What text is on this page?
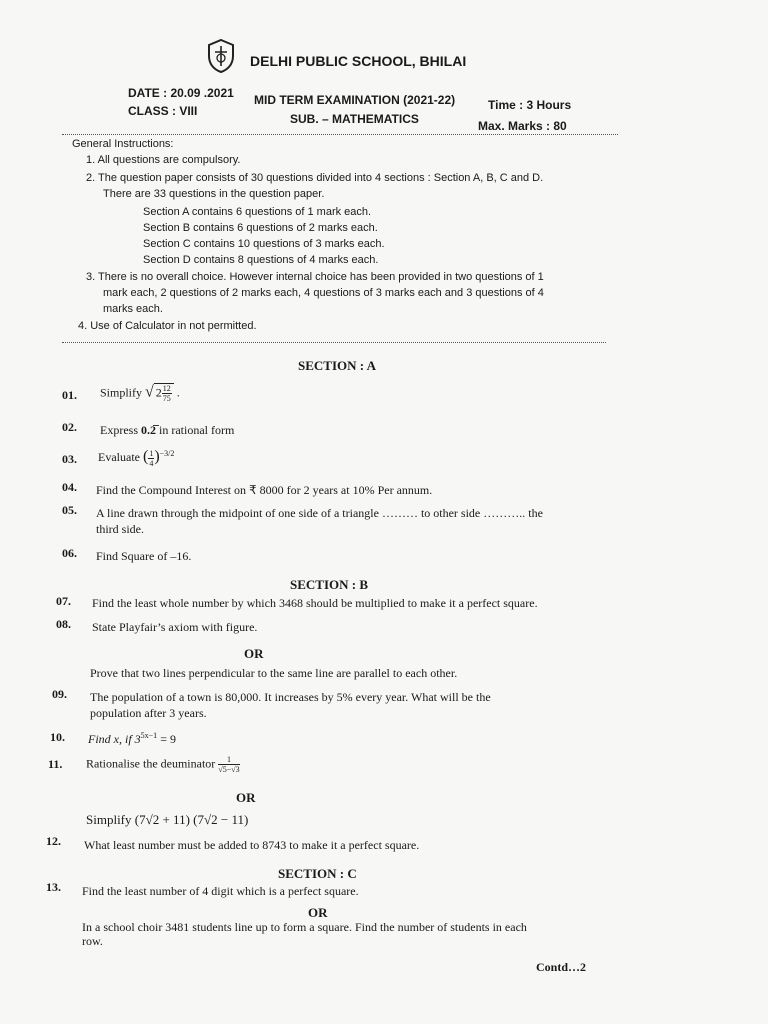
DELHI PUBLIC SCHOOL, BHILAI
DATE : 20.09 .2021
CLASS : VIII
MID TERM EXAMINATION (2021-22)
SUB. – MATHEMATICS
Time : 3 Hours
Max. Marks : 80
General Instructions:
1. All questions are compulsory.
2. The question paper consists of 30 questions divided into 4 sections : Section A, B, C and D.
There are 33 questions in the question paper.
Section A contains 6 questions of 1 mark each.
Section B contains 6 questions of 2 marks each.
Section C contains 10 questions of 3 marks each.
Section D contains 8 questions of 4 marks each.
3. There is no overall choice. However internal choice has been provided in two questions of 1
mark each, 2 questions of 2 marks each, 4 questions of 3 marks each and 3 questions of 4
marks each.
4. Use of Calculator in not permitted.
SECTION : A
01. Simplify √ $2 \frac{12}{75}$ .
02. Express 0.2̅ in rational form
03. Evaluate ( $\frac{1}{4} )^{-3/2}$
04. Find the Compound Interest on ₹ 8000 for 2 years at 10% Per annum.
05. A line drawn through the midpoint of one side of a triangle ……… to other side ……….. the
third side.
06. Find Square of –16.
SECTION : B
07. Find the least whole number by which 3468 should be multiplied to make it a perfect square.
08. State Playfair’s axiom with figure.
OR
Prove that two lines perpendicular to the same line are parallel to each other.
09. The population of a town is 80,000. It increases by 5% every year. What will be the
population after 3 years.
10. Find x, if $3^{5x-1} = 9$
11. Rationalise the deuminator $\frac{1}{√5-√3}$
OR
Simplify (7√2 + 11) (7√2 − 11)
12. What least number must be added to 8743 to make it a perfect square.
SECTION : C
13. Find the least number of 4 digit which is a perfect square.
OR
In a school choir 3481 students line up to form a square. Find the number of students in each
row.
Contd…2
